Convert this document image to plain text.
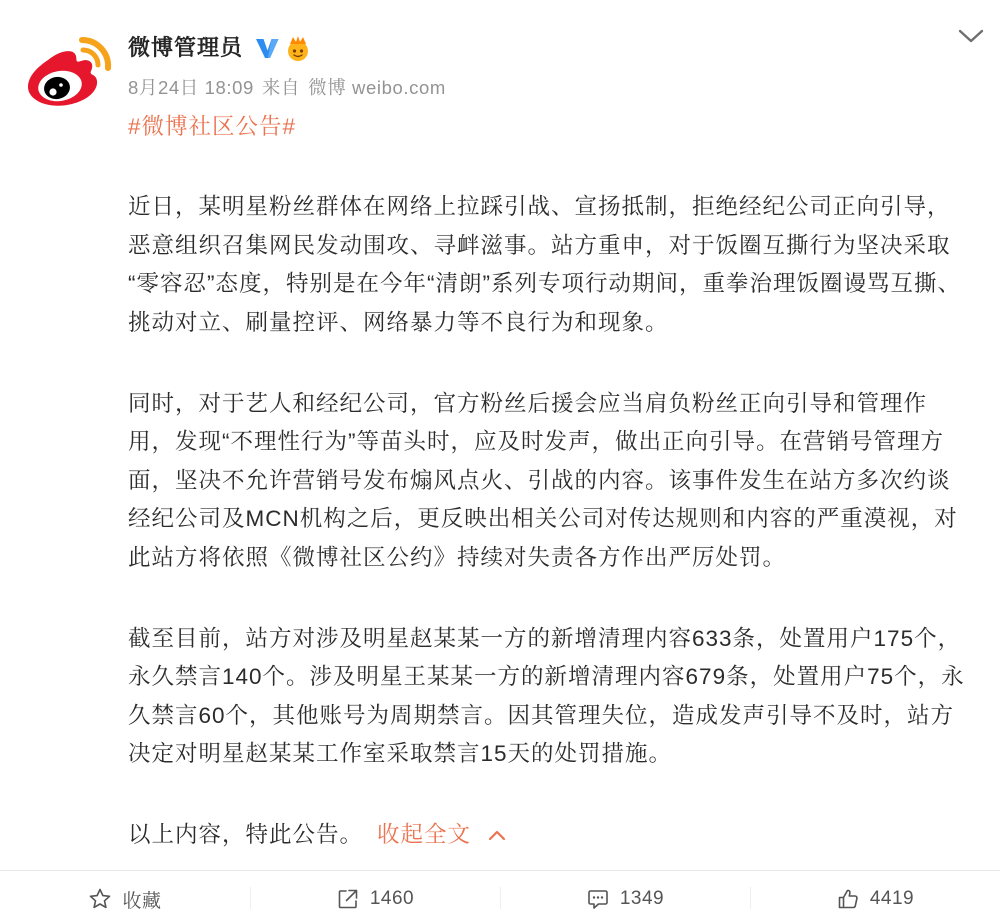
微博管理员
8月24日 18:09 来自 微博 weibo.com
#微博社区公告#
近日，某明星粉丝群体在网络上拉踩引战、宣扬抵制，拒绝经纪公司正向引导，
恶意组织召集网民发动围攻、寻衅滋事。站方重申，对于饭圈互撕行为坚决采取
“零容忍”态度，特别是在今年“清朗”系列专项行动期间，重拳治理饭圈谩骂互撕、
挑动对立、刷量控评、网络暴力等不良行为和现象。
同时，对于艺人和经纪公司，官方粉丝后援会应当肩负粉丝正向引导和管理作
用，发现“不理性行为”等苗头时，应及时发声，做出正向引导。在营销号管理方
面，坚决不允许营销号发布煽风点火、引战的内容。该事件发生在站方多次约谈
经纪公司及MCN机构之后，更反映出相关公司对传达规则和内容的严重漠视，对
此站方将依照《微博社区公约》持续对失责各方作出严厉处罚。
截至目前，站方对涉及明星赵某某一方的新增清理内容633条，处置用户175个，
永久禁言140个。涉及明星王某某一方的新增清理内容679条，处置用户75个，永
久禁言60个，其他账号为周期禁言。因其管理失位，造成发声引导不及时，站方
决定对明星赵某某工作室采取禁言15天的处罚措施。
以上内容，特此公告。 收起全文
收藏	1460	1349	4419
